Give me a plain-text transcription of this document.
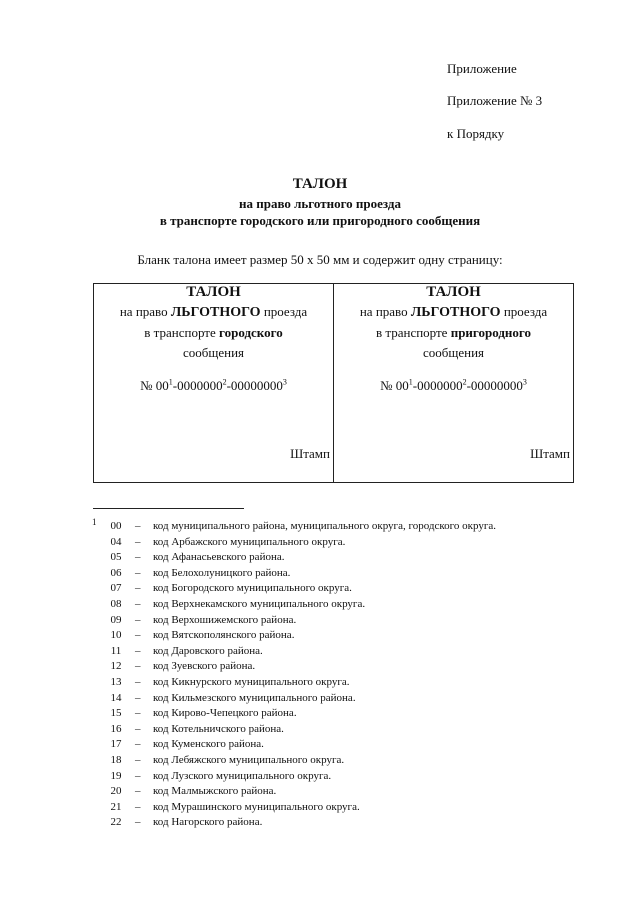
Приложение
Приложение № 3
к Порядку
ТАЛОН
на право льготного проезда
в транспорте городского или пригородного сообщения
Бланк талона имеет размер 50 х 50 мм и содержит одну страницу:
ТАЛОН
на право ЛЬГОТНОГО проезда
в транспорте городского
сообщения
№ $00^1-0000000^2-00000000^3$
Штамп
ТАЛОН
на право ЛЬГОТНОГО проезда
в транспорте пригородного
сообщения
№ $00^1-0000000^2-00000000^3$
Штамп
1	00	– код муниципального района, муниципального округа, городского округа.
04	– код Арбажского муниципального округа.
05	– код Афанасьевского района.
06	– код Белохолуницкого района.
07	– код Богородского муниципального округа.
08	– код Верхнекамского муниципального округа.
09	– код Верхошижемского района.
10	– код Вятскополянского района.
11	– код Даровского района.
12	– код Зуевского района.
13	– код Кикнурского муниципального округа.
14	– код Кильмезского муниципального района.
15	– код Кирово-Чепецкого района.
16	– код Котельничского района.
17	– код Куменского района.
18	– код Лебяжского муниципального округа.
19	– код Лузского муниципального округа.
20	– код Малмыжского района.
21	– код Мурашинского муниципального округа.
22	– код Нагорского района.
